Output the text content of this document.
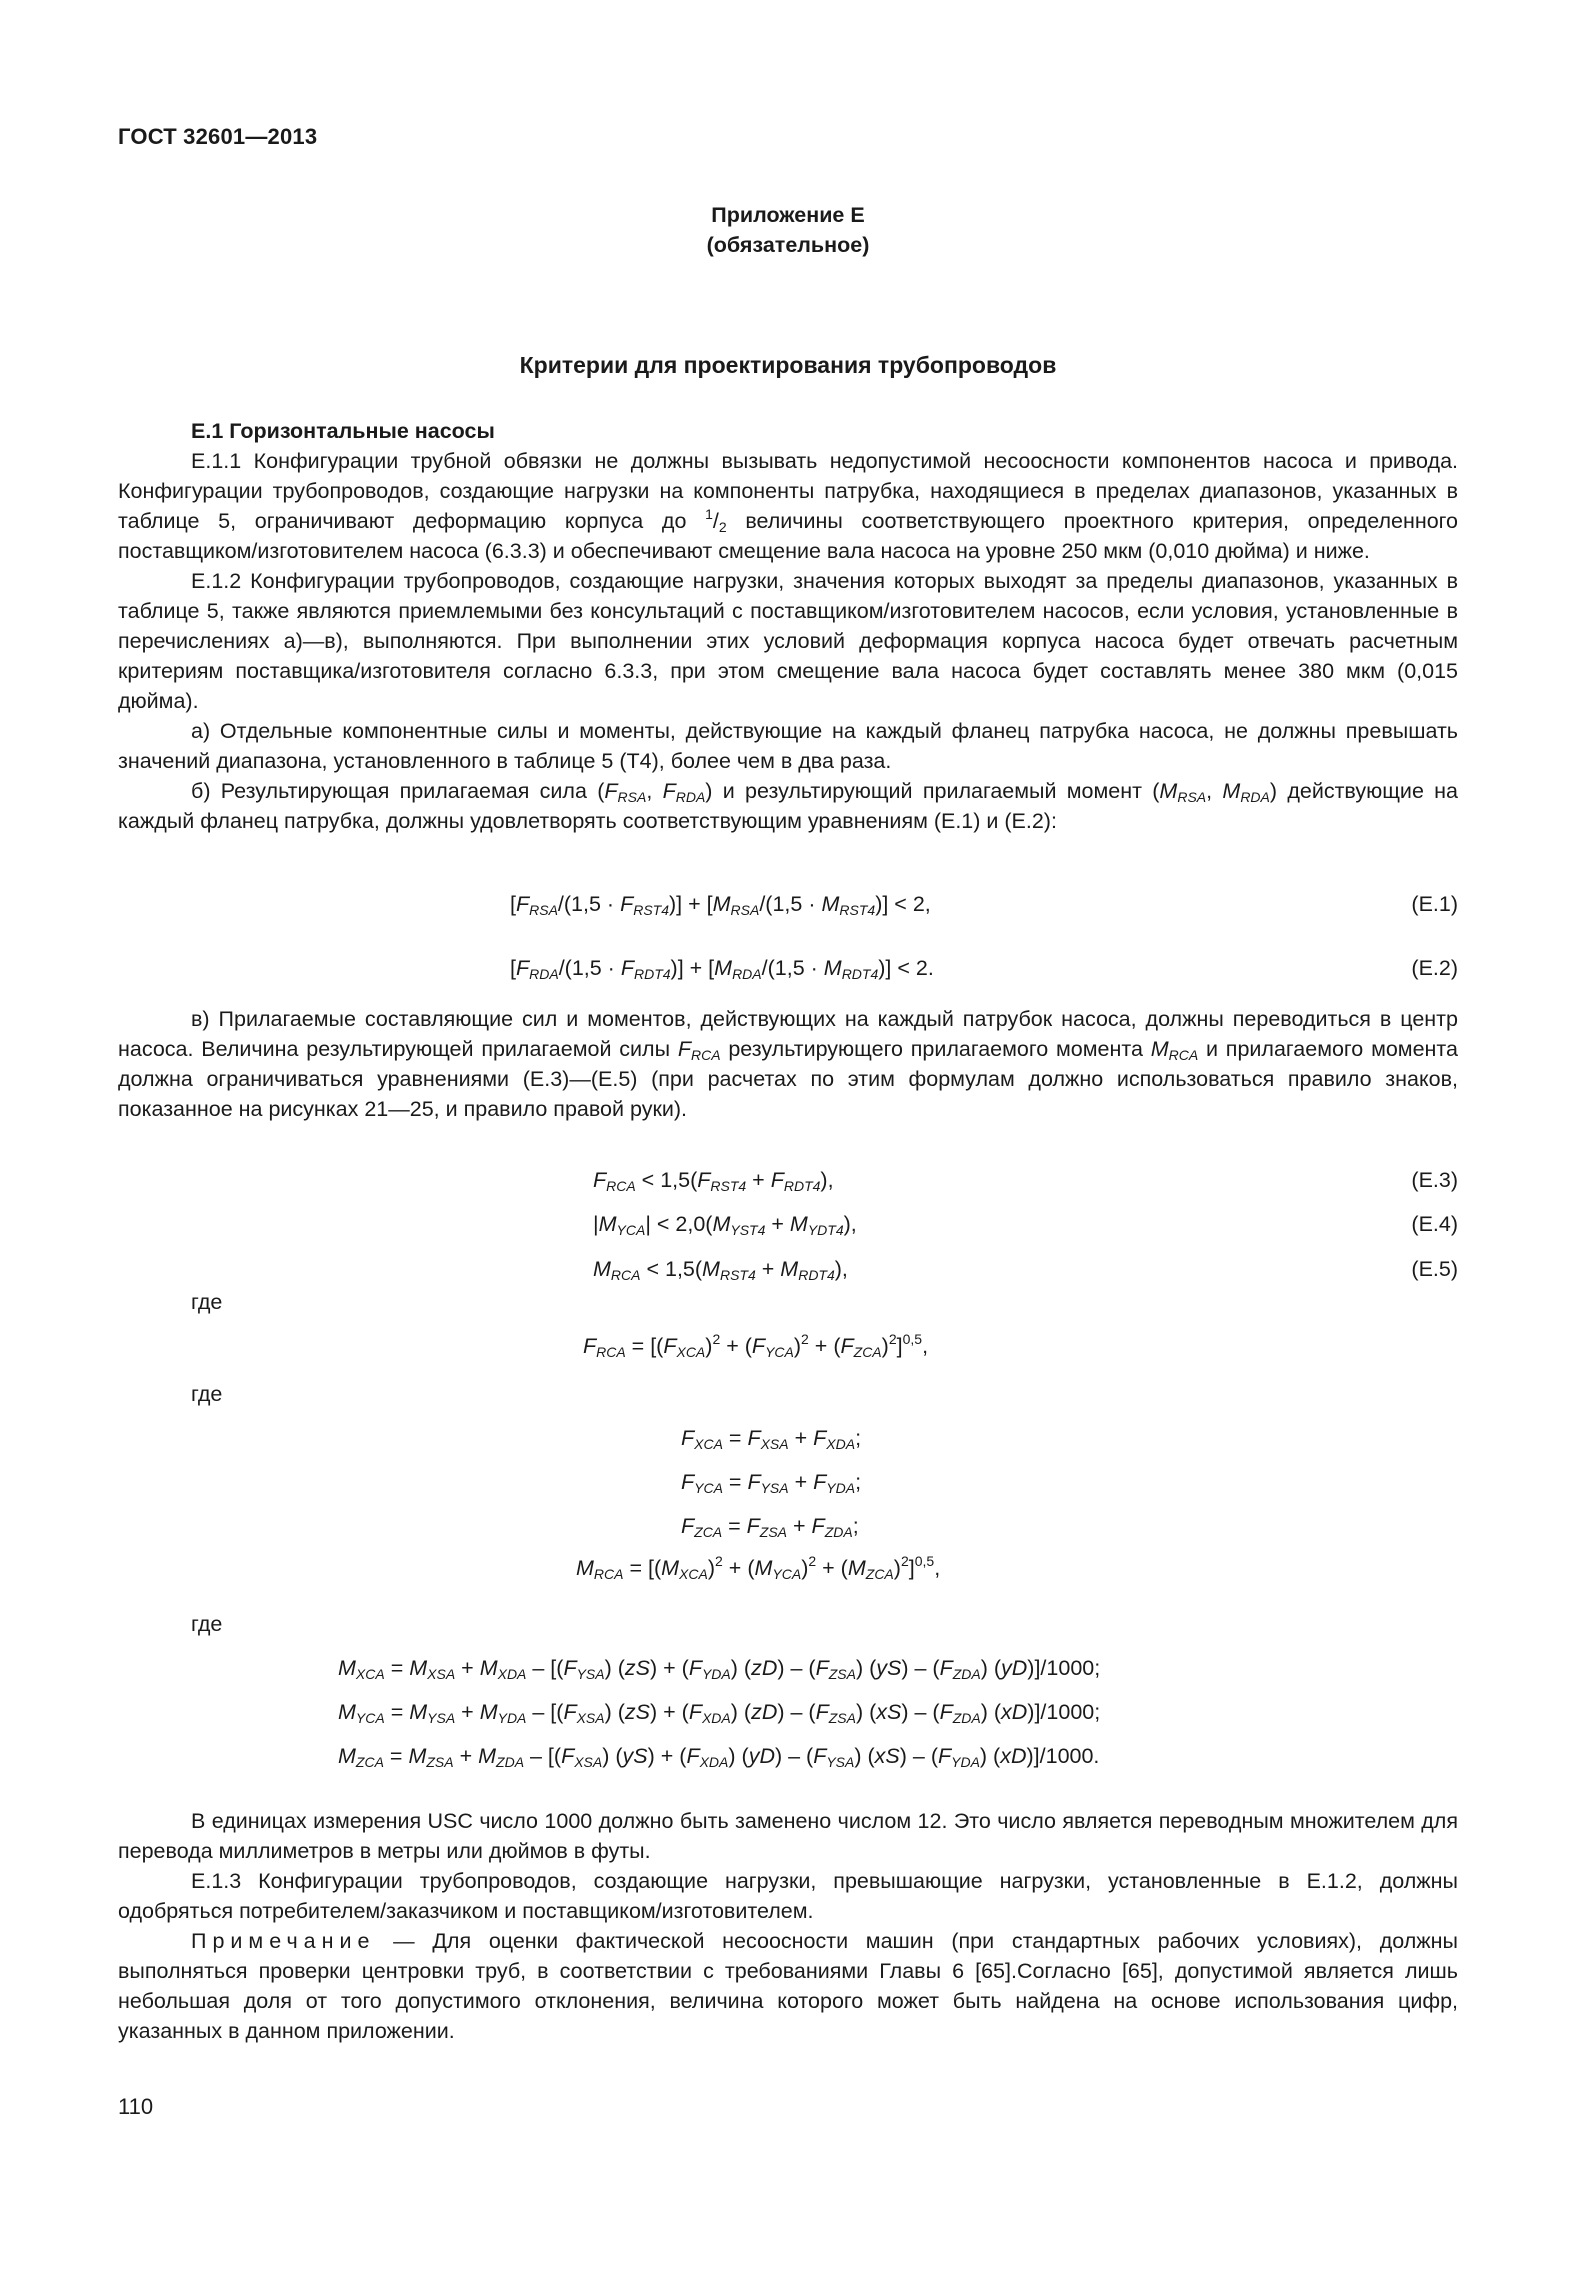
ГОСТ 32601—2013
Приложение Е
(обязательное)
Критерии для проектирования трубопроводов

Е.1 Горизонтальные насосы

Е.1.1 Конфигурации трубной обвязки не должны вызывать недопустимой несоосности компонентов насоса и привода. Конфигурации трубопроводов, создающие нагрузки на компоненты патрубка, находящиеся в пределах диапазонов, указанных в таблице 5, ограничивают деформацию корпуса до $^1/_2$ величины соответствующего проектного критерия, определенного поставщиком/изготовителем насоса (6.3.3) и обеспечивают смещение вала насоса на уровне 250 мкм (0,010 дюйма) и ниже.

Е.1.2 Конфигурации трубопроводов, создающие нагрузки, значения которых выходят за пределы диапазонов, указанных в таблице 5, также являются приемлемыми без консультаций с поставщиком/изготовителем насосов, если условия, установленные в перечислениях а)—в), выполняются. При выполнении этих условий деформация корпуса насоса будет отвечать расчетным критериям поставщика/изготовителя согласно 6.3.3, при этом смещение вала насоса будет составлять менее 380 мкм (0,015 дюйма).

а) Отдельные компонентные силы и моменты, действующие на каждый фланец патрубка насоса, не должны превышать значений диапазона, установленного в таблице 5 (Т4), более чем в два раза.

б) Результирующая прилагаемая сила ($F_{RSA}$, $F_{RDA}$) и результирующий прилагаемый момент ($M_{RSA}$, $M_{RDA}$) действующие на каждый фланец патрубка, должны удовлетворять соответствующим уравнениям (Е.1) и (Е.2):

$[F_{RSA}/(1,5 \cdot F_{RST4})] + [M_{RSA}/(1,5 \cdot M_{RST4})] < 2$,	(Е.1)
$[F_{RDA}/(1,5 \cdot F_{RDT4})] + [M_{RDA}/(1,5 \cdot M_{RDT4})] < 2$.	(Е.2)

в) Прилагаемые составляющие сил и моментов, действующих на каждый патрубок насоса, должны переводиться в центр насоса. Величина результирующей прилагаемой силы $F_{RCA}$ результирующего прилагаемого момента $M_{RCA}$ и прилагаемого момента должна ограничиваться уравнениями (Е.3)—(Е.5) (при расчетах по этим формулам должно использоваться правило знаков, показанное на рисунках 21—25, и правило правой руки).

$F_{RCA} < 1,5(F_{RST4} + F_{RDT4})$,	(Е.3)
$|M_{YCA}| < 2,0(M_{YST4} + M_{YDT4})$,	(Е.4)
$M_{RCA} < 1,5(M_{RST4} + M_{RDT4})$,	(Е.5)
где
$F_{RCA} = [(F_{XCA})^2 + (F_{YCA})^2 + (F_{ZCA})^2]^{0,5}$,
где
$F_{XCA} = F_{XSA} + F_{XDA}$;
$F_{YCA} = F_{YSA} + F_{YDA}$;
$F_{ZCA} = F_{ZSA} + F_{ZDA}$;
$M_{RCA} = [(M_{XCA})^2 + (M_{YCA})^2 + (M_{ZCA})^2]^{0,5}$,
где
$M_{XCA} = M_{XSA} + M_{XDA} - [(F_{YSA}) (zS) + (F_{YDA})$ $(zD) - (F_{ZSA})$ $(yS) - (F_{ZDA})$ (yD)]/1000;
$M_{YCA} = M_{YSA} + M_{YDA} - [(F_{XSA}) (zS) + (F_{XDA})$ $(zD) - (F_{ZSA})$ $(xS) - (F_{ZDA})$ (xD)]/1000;
$M_{ZCA} = M_{ZSA} + M_{ZDA} - [(F_{XSA}) (yS) + (F_{XDA})$ $(yD) - (F_{YSA})$ $(xS) - (F_{YDA})$ (xD)]/1000.

В единицах измерения USC число 1000 должно быть заменено числом 12. Это число является переводным множителем для перевода миллиметров в метры или дюймов в футы.

Е.1.3 Конфигурации трубопроводов, создающие нагрузки, превышающие нагрузки, установленные в Е.1.2, должны одобряться потребителем/заказчиком и поставщиком/изготовителем.

Примечание — Для оценки фактической несоосности машин (при стандартных рабочих условиях), должны выполняться проверки центровки труб, в соответствии с требованиями Главы 6 [65].Согласно [65], допустимой является лишь небольшая доля от того допустимого отклонения, величина которого может быть найдена на основе использования цифр, указанных в данном приложении.

110
